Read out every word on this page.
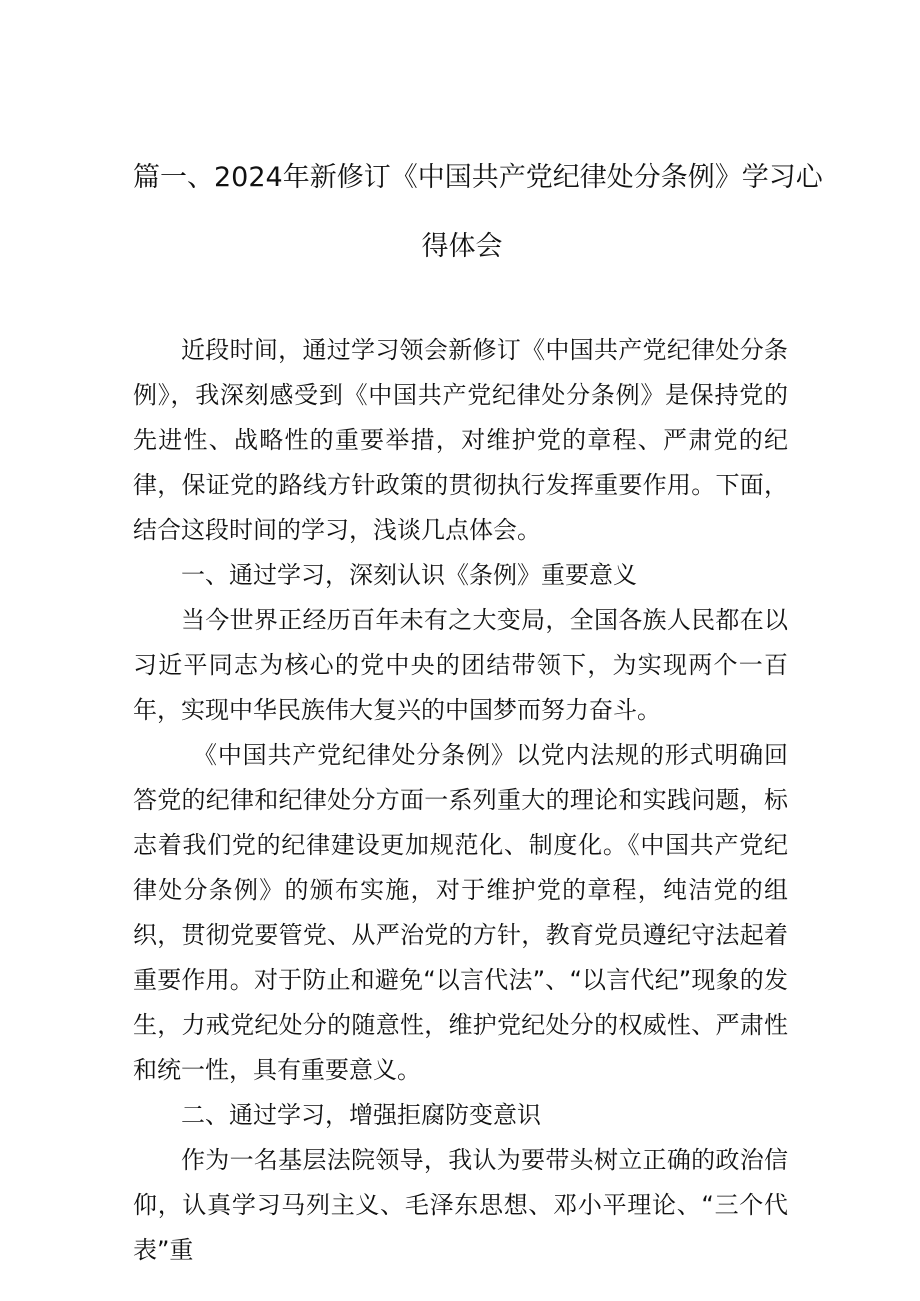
篇一、2024年新修订《中国共产党纪律处分条例》学习心
得体会

近段时间，通过学习领会新修订《中国共产党纪律处分条例》，我深刻感受到《中国共产党纪律处分条例》是保持党的先进性、战略性的重要举措，对维护党的章程、严肃党的纪律，保证党的路线方针政策的贯彻执行发挥重要作用。下面，结合这段时间的学习，浅谈几点体会。

一、通过学习，深刻认识《条例》重要意义

当今世界正经历百年未有之大变局，全国各族人民都在以习近平同志为核心的党中央的团结带领下，为实现两个一百年，实现中华民族伟大复兴的中国梦而努力奋斗。

《中国共产党纪律处分条例》以党内法规的形式明确回答党的纪律和纪律处分方面一系列重大的理论和实践问题，标志着我们党的纪律建设更加规范化、制度化。《中国共产党纪律处分条例》的颁布实施，对于维护党的章程，纯洁党的组织，贯彻党要管党、从严治党的方针，教育党员遵纪守法起着重要作用。对于防止和避免“以言代法”、“以言代纪”现象的发生，力戒党纪处分的随意性，维护党纪处分的权威性、严肃性和统一性，具有重要意义。

二、通过学习，增强拒腐防变意识

作为一名基层法院领导，我认为要带头树立正确的政治信仰，认真学习马列主义、毛泽东思想、邓小平理论、“三个代表”重
